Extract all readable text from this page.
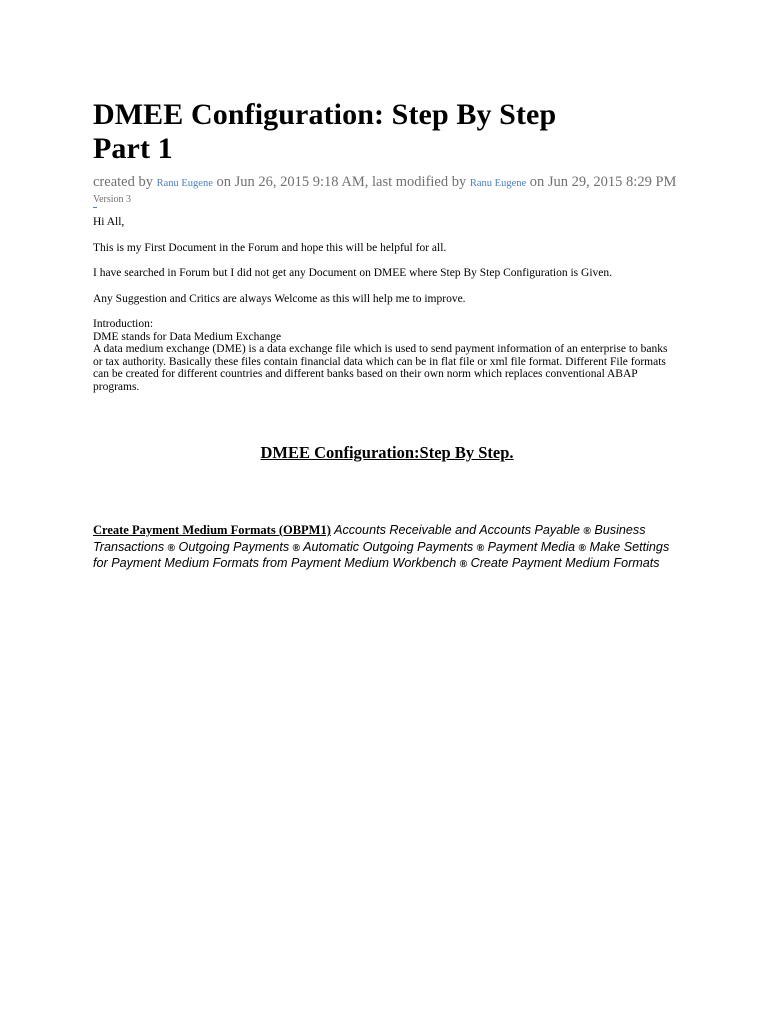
DMEE Configuration: Step By Step
Part 1
created by Ranu Eugene on Jun 26, 2015 9:18 AM, last modified by Ranu Eugene on Jun 29, 2015 8:29 PM
Version 3

Hi All,

This is my First Document in the Forum and hope this will be helpful for all.

I have searched in Forum but I did not get any Document on DMEE where Step By Step Configuration is Given.

Any Suggestion and Critics are always Welcome as this will help me to improve.

Introduction:

DME stands for Data Medium Exchange

A data medium exchange (DME) is a data exchange file which is used to send payment information of an enterprise to banks or tax authority. Basically these files contain financial data which can be in flat file or xml file format. Different File formats can be created for different countries and different banks based on their own norm which replaces conventional ABAP programs.

DMEE Configuration:Step By Step.
Create Payment Medium Formats (OBPM1) Accounts Receivable and Accounts Payable ® Business Transactions ® Outgoing Payments ® Automatic Outgoing Payments ® Payment Media ® Make Settings for Payment Medium Formats from Payment Medium Workbench ® Create Payment Medium Formats
